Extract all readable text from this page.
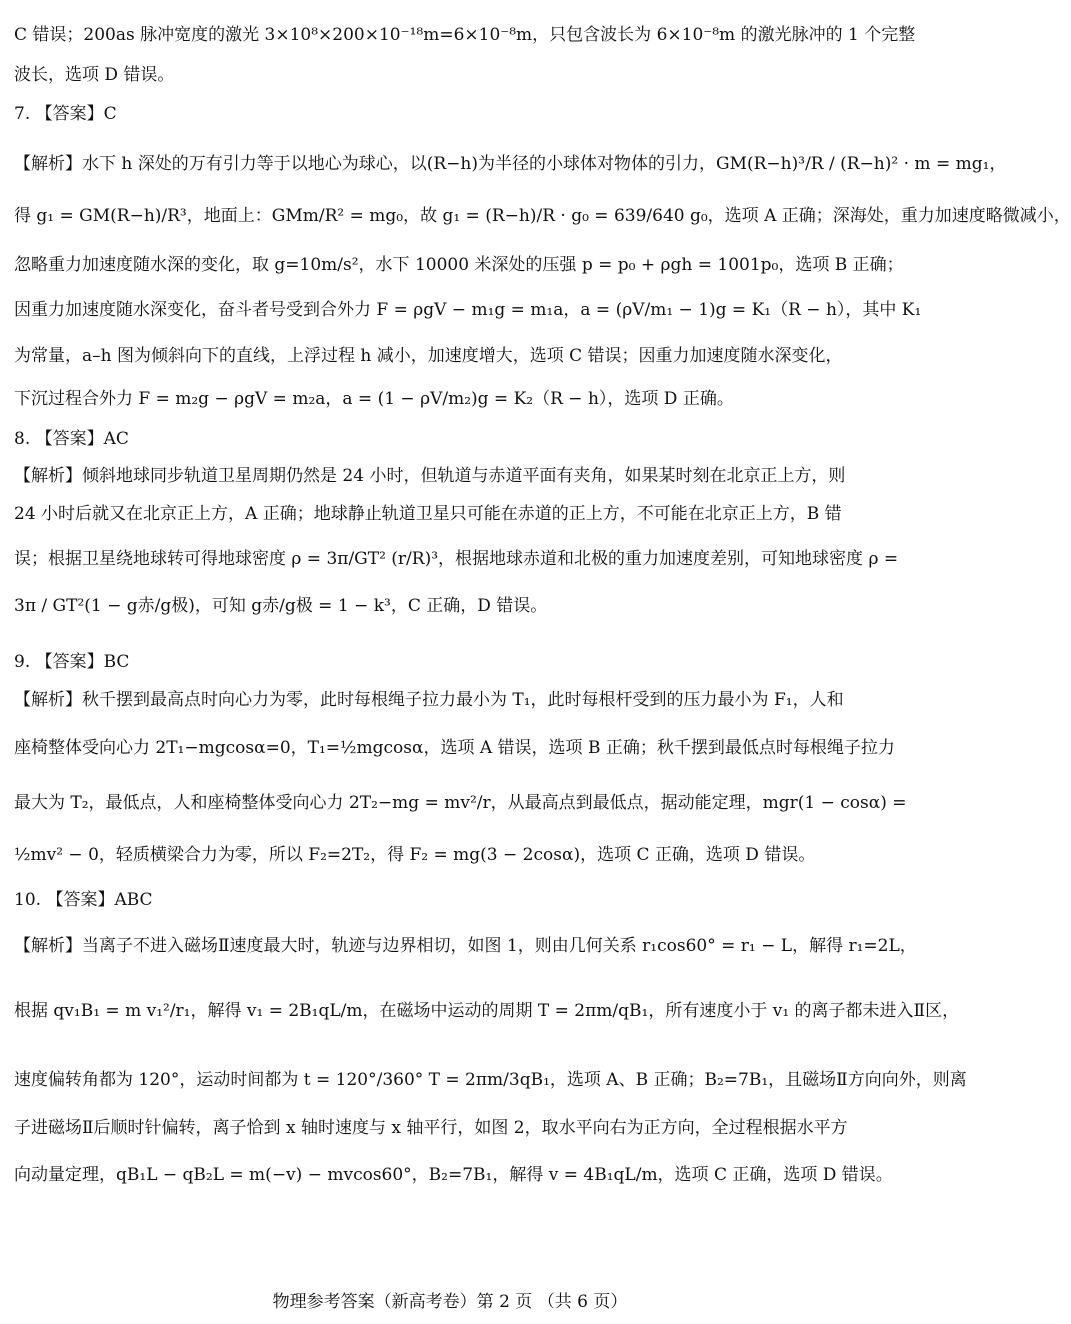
C 错误；200as 脉冲宽度的激光 3×10⁸×200×10⁻¹⁸m=6×10⁻⁸m，只包含波长为 6×10⁻⁸m 的激光脉冲的 1 个完整
波长，选项 D 错误。
7. 【答案】C
【解析】水下 h 深处的万有引力等于以地心为球心，以(R−h)为半径的小球体对物体的引力，GM(R−h)³/R / (R−h)² · m = mg₁，
得 g₁ = GM(R−h)/R³，地面上：GMm/R² = mg₀，故 g₁ = (R−h)/R · g₀ = 639/640 g₀，选项 A 正确；深海处，重力加速度略微减小，
忽略重力加速度随水深的变化，取 g=10m/s²，水下 10000 米深处的压强 p = p₀ + ρgh = 1001p₀，选项 B 正确；
因重力加速度随水深变化，奋斗者号受到合外力 F = ρgV − m₁g = m₁a，a = (ρV/m₁ − 1)g = K₁（R − h），其中 K₁
为常量，a–h 图为倾斜向下的直线，上浮过程 h 减小，加速度增大，选项 C 错误；因重力加速度随水深变化，
下沉过程合外力 F = m₂g − ρgV = m₂a，a = (1 − ρV/m₂)g = K₂（R − h），选项 D 正确。
8. 【答案】AC
【解析】倾斜地球同步轨道卫星周期仍然是 24 小时，但轨道与赤道平面有夹角，如果某时刻在北京正上方，则
24 小时后就又在北京正上方，A 正确；地球静止轨道卫星只可能在赤道的正上方，不可能在北京正上方，B 错
误；根据卫星绕地球转可得地球密度 ρ = 3π/GT² (r/R)³，根据地球赤道和北极的重力加速度差别，可知地球密度 ρ =
3π / GT²(1 − g赤/g极)，可知 g赤/g极 = 1 − k³，C 正确，D 错误。
9. 【答案】BC
【解析】秋千摆到最高点时向心力为零，此时每根绳子拉力最小为 T₁，此时每根杆受到的压力最小为 F₁，人和
座椅整体受向心力 2T₁−mgcosα=0，T₁=½mgcosα，选项 A 错误，选项 B 正确；秋千摆到最低点时每根绳子拉力
最大为 T₂，最低点，人和座椅整体受向心力 2T₂−mg = mv²/r，从最高点到最低点，据动能定理，mgr(1 − cosα) =
½mv² − 0，轻质横梁合力为零，所以 F₂=2T₂，得 F₂ = mg(3 − 2cosα)，选项 C 正确，选项 D 错误。
10. 【答案】ABC
【解析】当离子不进入磁场Ⅱ速度最大时，轨迹与边界相切，如图 1，则由几何关系 r₁cos60° = r₁ − L，解得 r₁=2L，
根据 qv₁B₁ = m v₁²/r₁，解得 v₁ = 2B₁qL/m，在磁场中运动的周期 T = 2πm/qB₁，所有速度小于 v₁ 的离子都未进入Ⅱ区，
速度偏转角都为 120°，运动时间都为 t = 120°/360° T = 2πm/3qB₁，选项 A、B 正确；B₂=7B₁，且磁场Ⅱ方向向外，则离
子进磁场Ⅱ后顺时针偏转，离子恰到 x 轴时速度与 x 轴平行，如图 2，取水平向右为正方向，全过程根据水平方
向动量定理，qB₁L − qB₂L = m(−v) − mvcos60°，B₂=7B₁，解得 v = 4B₁qL/m，选项 C 正确，选项 D 错误。
物理参考答案（新高考卷）第 2 页 （共 6 页）
